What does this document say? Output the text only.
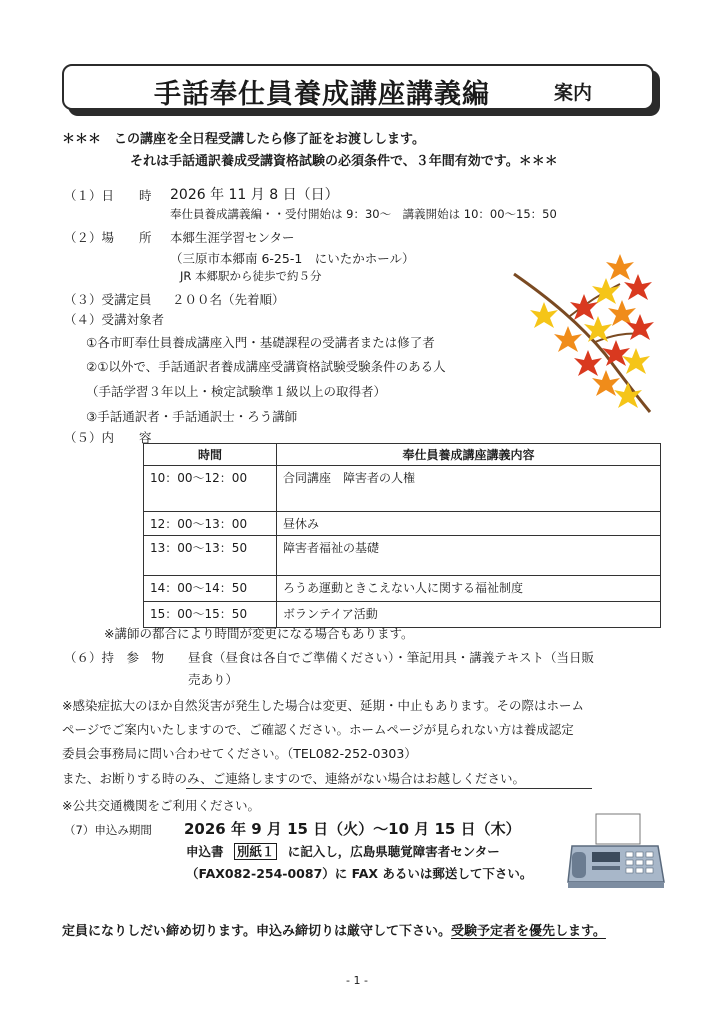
手話奉仕員養成講座講義編	案内
＊＊＊　この講座を全日程受講したら修了証をお渡しします。
それは手話通訳養成受講資格試験の必須条件で、３年間有効です。＊＊＊
（１）日　　時 2026 年 11 月 8 日（日）
奉仕員養成講義編・・受付開始は 9：30～　講義開始は 10：00～15：50
（２）場　　所 本郷生涯学習センター
（三原市本郷南 6-25-1　にいたかホール）
JR 本郷駅から徒歩で約５分
（３）受講定員 ２００名（先着順）
（４）受講対象者
①各市町奉仕員養成講座入門・基礎課程の受講者または修了者
②①以外で、手話通訳者養成講座受講資格試験受験条件のある人
（手話学習３年以上・検定試験準１級以上の取得者）
③手話通訳者・手話通訳士・ろう講師
（５）内　　容
時間	奉仕員養成講座講義内容
10：00～12：00	合同講座　障害者の人権
12：00～13：00	昼休み
13：00～13：50	障害者福祉の基礎
14：00～14：50	ろうあ運動ときこえない人に関する福祉制度
15：00～15：50	ボランテイア活動
※講師の都合により時間が変更になる場合もあります。
（６）持　参　物 昼食（昼食は各自でご準備ください）・筆記用具・講義テキスト（当日販
売あり）
※感染症拡大のほか自然災害が発生した場合は変更、延期・中止もあります。その際はホーム
ページでご案内いたしますので、ご確認ください。ホームページが見られない方は養成認定
委員会事務局に問い合わせてください。（TEL082-252-0303）
また、お断りする時のみ、ご連絡しますので、連絡がない場合はお越しください。
※公共交通機関をご利用ください。
（7）申込み期間 2026 年 9 月 15 日（火）～10 月 15 日（木）
申込書 別紙１ に記入し，広島県聴覚障害者センター
（FAX082-254-0087）に FAX あるいは郵送して下さい。
定員になりしだい締め切ります。申込み締切りは厳守して下さい。受験予定者を優先します。
- 1 -
